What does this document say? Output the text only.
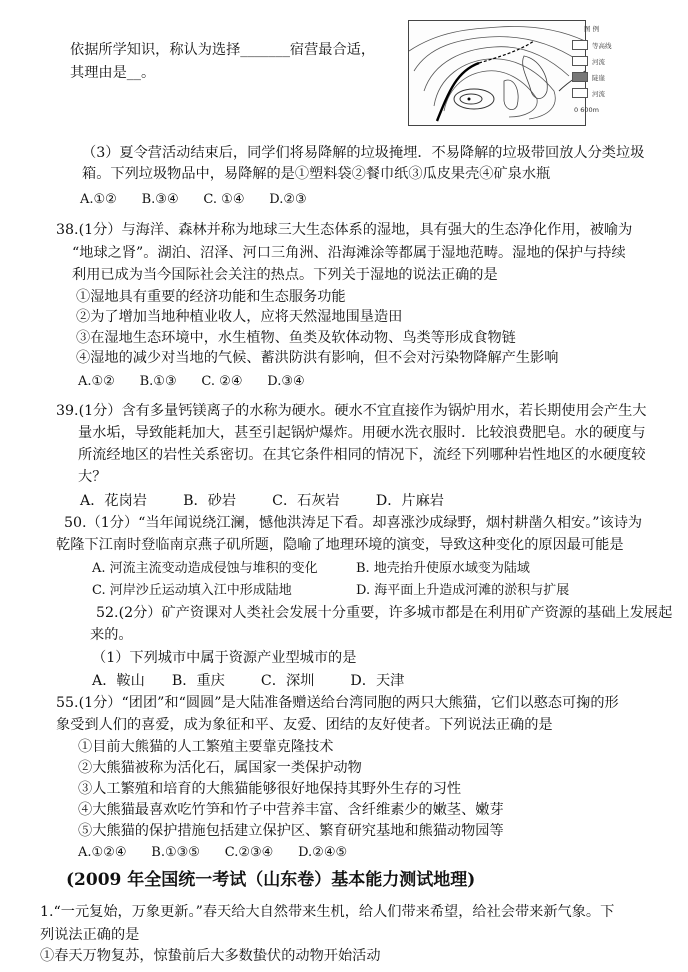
依据所学知识，称认为选择_______宿营最合适，
其理由是__。
图 例
等高线
河流
陡崖
河流
0 600m
（3）夏令营活动结束后，同学们将易降解的垃圾掩埋．不易降解的垃圾带回放人分类垃圾
箱。下列垃圾物品中，易降解的是①塑料袋②餐巾纸③瓜皮果壳④矿泉水瓶
A.①②      B.③④      C. ①④      D.②③
38.(1分）与海洋、森林并称为地球三大生态体系的湿地，具有强大的生态净化作用，被喻为
“地球之肾”。湖泊、沼泽、河口三角洲、沿海滩涂等都属于湿地范畴。湿地的保护与持续
利用已成为当今国际社会关注的热点。下列关于湿地的说法正确的是
①湿地具有重要的经济功能和生态服务功能
②为了增加当地种植业收人，应将天然湿地围垦造田
③在湿地生态环境中，水生植物、鱼类及软体动物、鸟类等形成食物链
④湿地的减少对当地的气候、蓄洪防洪有影响，但不会对污染物降解产生影响
A.①②      B.①③      C. ②④      D.③④
39.(1分）含有多量钙镁离子的水称为硬水。硬水不宜直接作为锅炉用水，若长期使用会产生大
量水垢，导致能耗加大，甚至引起锅炉爆炸。用硬水洗衣服时．比较浪费肥皂。水的硬度与
所流经地区的岩性关系密切。在其它条件相同的情况下，流经下列哪种岩性地区的水硬度较
大？
A．花岗岩        B．砂岩        C．石灰岩        D．片麻岩
50.（1分）“当年闻说绕江澜，憾他洪涛足下看。却喜涨沙成绿野，烟村耕凿久相安。”该诗为
乾隆下江南时登临南京燕子矶所题，隐喻了地理环境的演变，导致这种变化的原因最可能是
A. 河流主流变动造成侵蚀与堆积的变化	B. 地壳抬升使原水域变为陆域
C. 河岸沙丘运动填入江中形成陆地	D. 海平面上升造成河滩的淤积与扩展
52.(2分）矿产资课对人类社会发展十分重要，许多城市都是在利用矿产资源的基础上发展起
来的。
（1）下列城市中属于资源产业型城市的是
A．鞍山      B．重庆        C．深圳        D．天津
55.(1分）“团团”和“圆圆”是大陆准备赠送给台湾同胞的两只大熊猫，它们以憨态可掬的形
象受到人们的喜爱，成为象征和平、友爱、团结的友好使者。下列说法正确的是
①目前大熊猫的人工繁殖主要靠克隆技术
②大熊猫被称为活化石，属国家一类保护动物
③人工繁殖和培育的大熊猫能够很好地保持其野外生存的习性
④大熊猫最喜欢吃竹笋和竹子中营养丰富、含纤维素少的嫩茎、嫩芽
⑤大熊猫的保护措施包括建立保护区、繁育研究基地和熊猫动物园等
A.①②④      B.①③⑤      C.②③④      D.②④⑤
(2009 年全国统一考试（山东卷）基本能力测试地理)
1.“一元复始，万象更新。”春天给大自然带来生机，给人们带来希望，给社会带来新气象。下
列说法正确的是
①春天万物复苏，惊蛰前后大多数蛰伏的动物开始活动
